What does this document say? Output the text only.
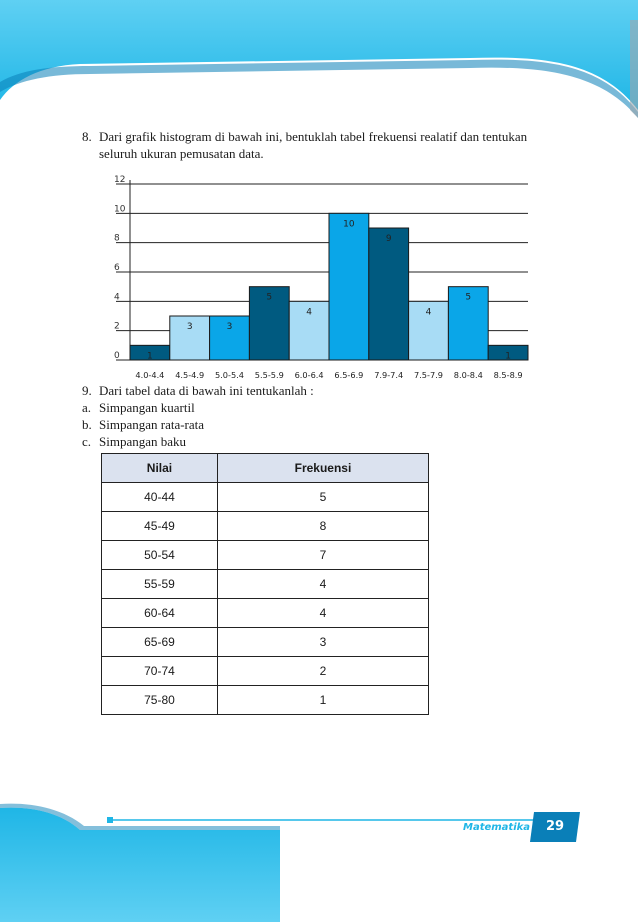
8. Dari grafik histogram di bawah ini, bentuklah tabel frekuensi realatif dan tentukan
seluruh ukuran pemusatan data.
0
2
4
6
8
10
12
1
4.0-4.4
3
4.5-4.9
3
5.0-5.4
5
5.5-5.9
4
6.0-6.4
10
6.5-6.9
9
7.9-7.4
4
7.5-7.9
5
8.0-8.4
1
8.5-8.9
9. Dari tabel data di bawah ini tentukanlah :
a. Simpangan kuartil
b. Simpangan rata-rata
c. Simpangan baku
Nilai	Frekuensi
40-44	5
45-49	8
50-54	7
55-59	4
60-64	4
65-69	3
70-74	2
75-80	1
Matematika	29
